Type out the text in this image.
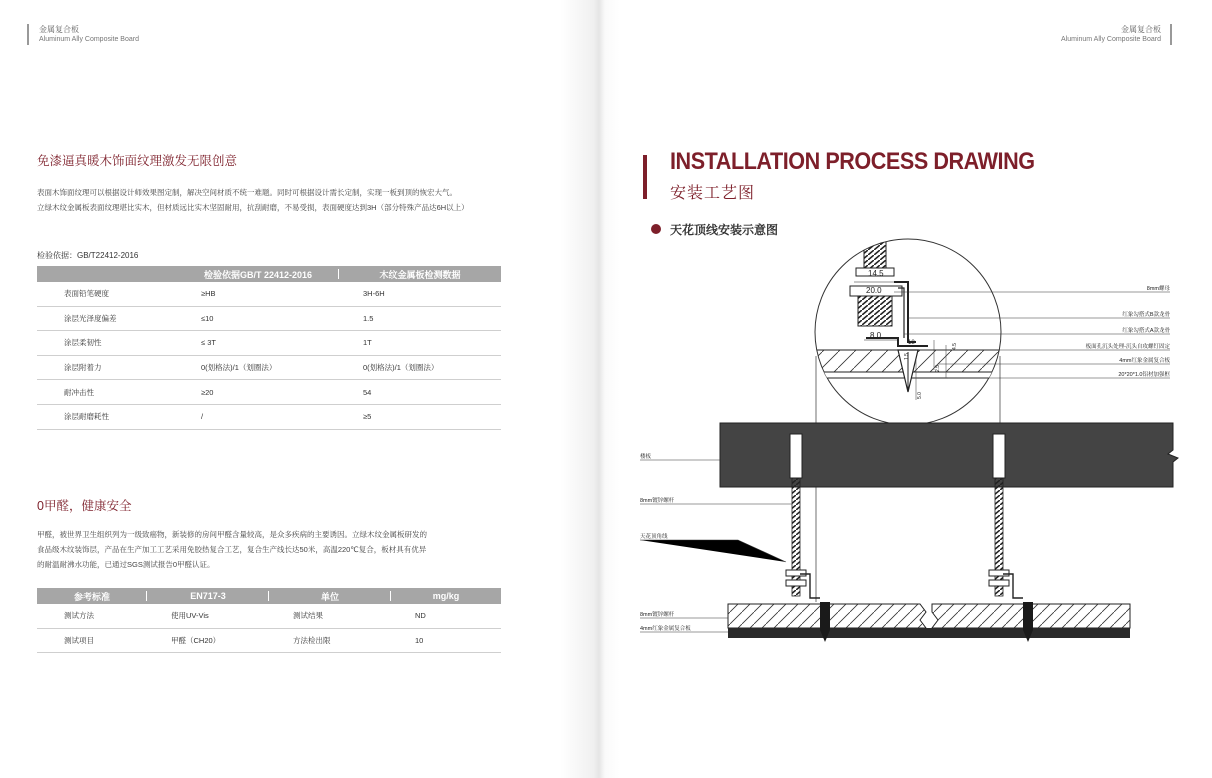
金属复合板
Aluminum Ally Composite Board
免漆逼真暖木饰面纹理激发无限创意
表面木饰面纹理可以根据设计师效果图定制，解决空间材质不统一难题。同时可根据设计需长定制，实现一板到顶的恢宏大气。
立绿木纹金属板表面纹理堪比实木，但材质远比实木坚固耐用，抗刮耐磨，不易受损，表面硬度达到3H（部分特殊产品达6H以上）
检验依据：GB/T22412-2016
	检验依据GB/T 22412-2016	木纹金属板检测数据
表面铅笔硬度	≥HB	3H-6H
涂层光泽度偏差	≤10	1.5
涂层柔韧性	≤ 3T	1T
涂层附着力	0(划格法)/1（划圈法）	0(划格法)/1（划圈法）
耐冲击性	≥20	54
涂层耐磨耗性	/	≥5
0甲醛，健康安全
甲醛，被世界卫生组织列为一级致癌物，新装修的房间甲醛含量较高，是众多疾病的主要诱因。立绿木纹金属板研发的
食品级木纹装饰层，产品在生产加工工艺采用免胶热复合工艺，复合生产线长达50米，高温220℃复合，板材具有优异
的耐温耐沸水功能，已通过SGS测试报告0甲醛认证。
参考标准	EN717-3	单位	mg/kg
测试方法	使用UV-Vis	测试结果	ND
测试项目	甲醛（CH20）	方法检出限	10
金属复合板
Aluminum Ally Composite Board
INSTALLATION PROCESS DRAWING
安装工艺图
天花顶线安装示意图
14.5
20.0
8.0
18
4.5
2.5
1.5
5.0
8mm螺母
红象勾搭式B款龙骨
红象勾搭式A款龙骨
板面孔沉头处理-沉头自攻螺钉固定
4mm红象金属复合板
20*20*1.0铝材加强框
楼板
8mm镀锌螺杆
天花顶角线
8mm镀锌螺杆
4mm红象金属复合板
